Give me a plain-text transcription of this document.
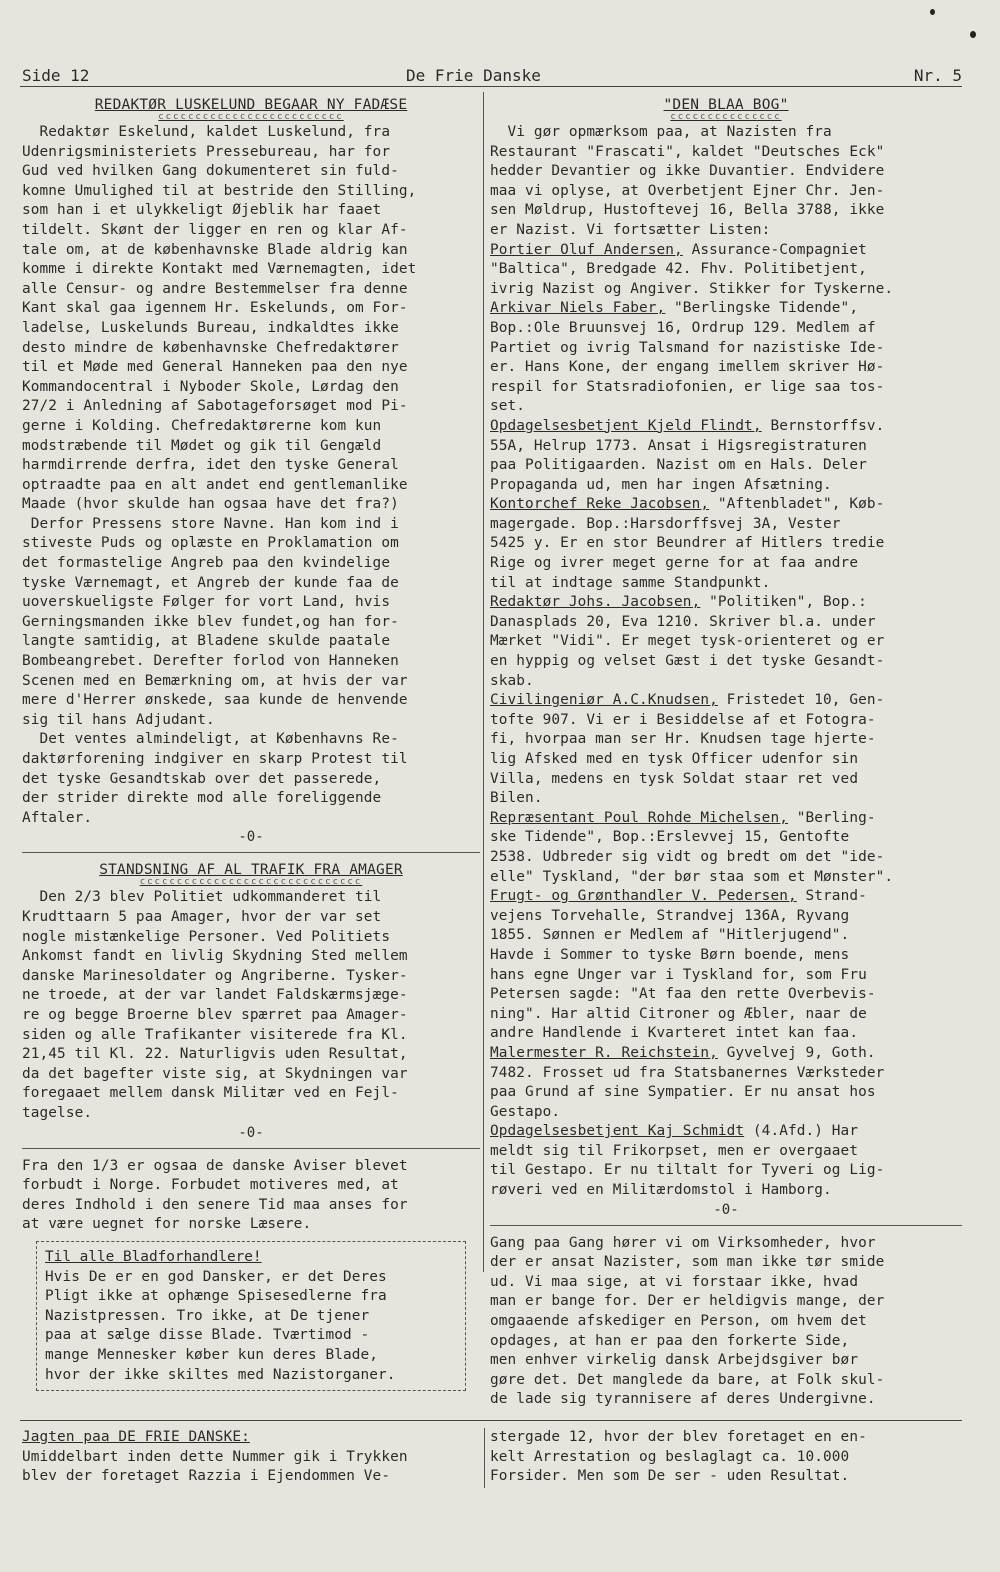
Side 12	De Frie Danske	Nr. 5
REDAKTØR LUSKELUND BEGAAR NY FADÆSE
ccccccccccccccccccccccccc
Redaktør Eskelund, kaldet Luskelund, fra
Udenrigsministeriets Pressebureau, har for
Gud ved hvilken Gang dokumenteret sin fuld-
komne Umulighed til at bestride den Stilling,
som han i et ulykkeligt Øjeblik har faaet
tildelt. Skønt der ligger en ren og klar Af-
tale om, at de københavnske Blade aldrig kan
komme i direkte Kontakt med Værnemagten, idet
alle Censur- og andre Bestemmelser fra denne
Kant skal gaa igennem Hr. Eskelunds, om For-
ladelse, Luskelunds Bureau, indkaldtes ikke
desto mindre de københavnske Chefredaktører
til et Møde med General Hanneken paa den nye
Kommandocentral i Nyboder Skole, Lørdag den
27/2 i Anledning af Sabotageforsøget mod Pi-
gerne i Kolding. Chefredaktørerne kom kun
modstræbende til Mødet og gik til Gengæld
harmdirrende derfra, idet den tyske General
optraadte paa en alt andet end gentlemanlike
Maade (hvor skulde han ogsaa have det fra?)
Derfor Pressens store Navne. Han kom ind i
stiveste Puds og oplæste en Proklamation om
det formastelige Angreb paa den kvindelige
tyske Værnemagt, et Angreb der kunde faa de
uoverskueligste Følger for vort Land, hvis
Gerningsmanden ikke blev fundet,og han for-
langte samtidig, at Bladene skulde paatale
Bombeangrebet. Derefter forlod von Hanneken
Scenen med en Bemærkning om, at hvis der var
mere d'Herrer ønskede, saa kunde de henvende
sig til hans Adjudant.
Det ventes almindeligt, at Københavns Re-
daktørforening indgiver en skarp Protest til
det tyske Gesandtskab over det passerede,
der strider direkte mod alle foreliggende
Aftaler.

-0-

STANDSNING AF AL TRAFIK FRA AMAGER
cccccccccccccccccccccccccccccc
Den 2/3 blev Politiet udkommanderet til
Krudttaarn 5 paa Amager, hvor der var set
nogle mistænkelige Personer. Ved Politiets
Ankomst fandt en livlig Skydning Sted mellem
danske Marinesoldater og Angriberne. Tysker-
ne troede, at der var landet Faldskærmsjæge-
re og begge Broerne blev spærret paa Amager-
siden og alle Trafikanter visiterede fra Kl.
21,45 til Kl. 22. Naturligvis uden Resultat,
da det bagefter viste sig, at Skydningen var
foregaaet mellem dansk Militær ved en Fejl-
tagelse.

-0-

Fra den 1/3 er ogsaa de danske Aviser blevet
forbudt i Norge. Forbudet motiveres med, at
deres Indhold i den senere Tid maa anses for
at være uegnet for norske Læsere.
Til alle Bladforhandlere!
Hvis De er en god Dansker, er det Deres
Pligt ikke at ophænge Spisesedlerne fra
Nazistpressen. Tro ikke, at De tjener
paa at sælge disse Blade. Tværtimod -
mange Mennesker køber kun deres Blade,
hvor der ikke skiltes med Nazistorganer.
"DEN BLAA BOG"
ccccccccccccccc
Vi gør opmærksom paa, at Nazisten fra
Restaurant "Frascati", kaldet "Deutsches Eck"
hedder Devantier og ikke Duvantier. Endvidere
maa vi oplyse, at Overbetjent Ejner Chr. Jen-
sen Møldrup, Hustoftevej 16, Bella 3788, ikke
er Nazist. Vi fortsætter Listen:
Portier Oluf Andersen, Assurance-Compagniet
"Baltica", Bredgade 42. Fhv. Politibetjent,
ivrig Nazist og Angiver. Stikker for Tyskerne.
Arkivar Niels Faber, "Berlingske Tidende",
Bop.:Ole Bruunsvej 16, Ordrup 129. Medlem af
Partiet og ivrig Talsmand for nazistiske Ide-
er. Hans Kone, der engang imellem skriver Hø-
respil for Statsradiofonien, er lige saa tos-
set.
Opdagelsesbetjent Kjeld Flindt, Bernstorffsv.
55A, Helrup 1773. Ansat i Higsregistraturen
paa Politigaarden. Nazist om en Hals. Deler
Propaganda ud, men har ingen Afsætning.
Kontorchef Reke Jacobsen, "Aftenbladet", Køb-
magergade. Bop.:Harsdorffsvej 3A, Vester
5425 y. Er en stor Beundrer af Hitlers tredie
Rige og ivrer meget gerne for at faa andre
til at indtage samme Standpunkt.
Redaktør Johs. Jacobsen, "Politiken", Bop.:
Danasplads 20, Eva 1210. Skriver bl.a. under
Mærket "Vidi". Er meget tysk-orienteret og er
en hyppig og velset Gæst i det tyske Gesandt-
skab.
Civilingeniør A.C.Knudsen, Fristedet 10, Gen-
tofte 907. Vi er i Besiddelse af et Fotogra-
fi, hvorpaa man ser Hr. Knudsen tage hjerte-
lig Afsked med en tysk Officer udenfor sin
Villa, medens en tysk Soldat staar ret ved
Bilen.
Repræsentant Poul Rohde Michelsen, "Berling-
ske Tidende", Bop.:Erslevvej 15, Gentofte
2538. Udbreder sig vidt og bredt om det "ide-
elle" Tyskland, "der bør staa som et Mønster".
Frugt- og Grønthandler V. Pedersen, Strand-
vejens Torvehalle, Strandvej 136A, Ryvang
1855. Sønnen er Medlem af "Hitlerjugend".
Havde i Sommer to tyske Børn boende, mens
hans egne Unger var i Tyskland for, som Fru
Petersen sagde: "At faa den rette Overbevis-
ning". Har altid Citroner og Æbler, naar de
andre Handlende i Kvarteret intet kan faa.
Malermester R. Reichstein, Gyvelvej 9, Goth.
7482. Frosset ud fra Statsbanernes Værksteder
paa Grund af sine Sympatier. Er nu ansat hos
Gestapo.
Opdagelsesbetjent Kaj Schmidt (4.Afd.) Har
meldt sig til Frikorpset, men er overgaaet
til Gestapo. Er nu tiltalt for Tyveri og Lig-
røveri ved en Militærdomstol i Hamborg.

-0-

Gang paa Gang hører vi om Virksomheder, hvor
der er ansat Nazister, som man ikke tør smide
ud. Vi maa sige, at vi forstaar ikke, hvad
man er bange for. Der er heldigvis mange, der
omgaaende afskediger en Person, om hvem det
opdages, at han er paa den forkerte Side,
men enhver virkelig dansk Arbejdsgiver bør
gøre det. Det manglede da bare, at Folk skul-
de lade sig tyrannisere af deres Undergivne.
Jagten paa DE FRIE DANSKE:
Umiddelbart inden dette Nummer gik i Trykken
blev der foretaget Razzia i Ejendommen Ve-
stergade 12, hvor der blev foretaget en en-
kelt Arrestation og beslaglagt ca. 10.000
Forsider. Men som De ser - uden Resultat.
